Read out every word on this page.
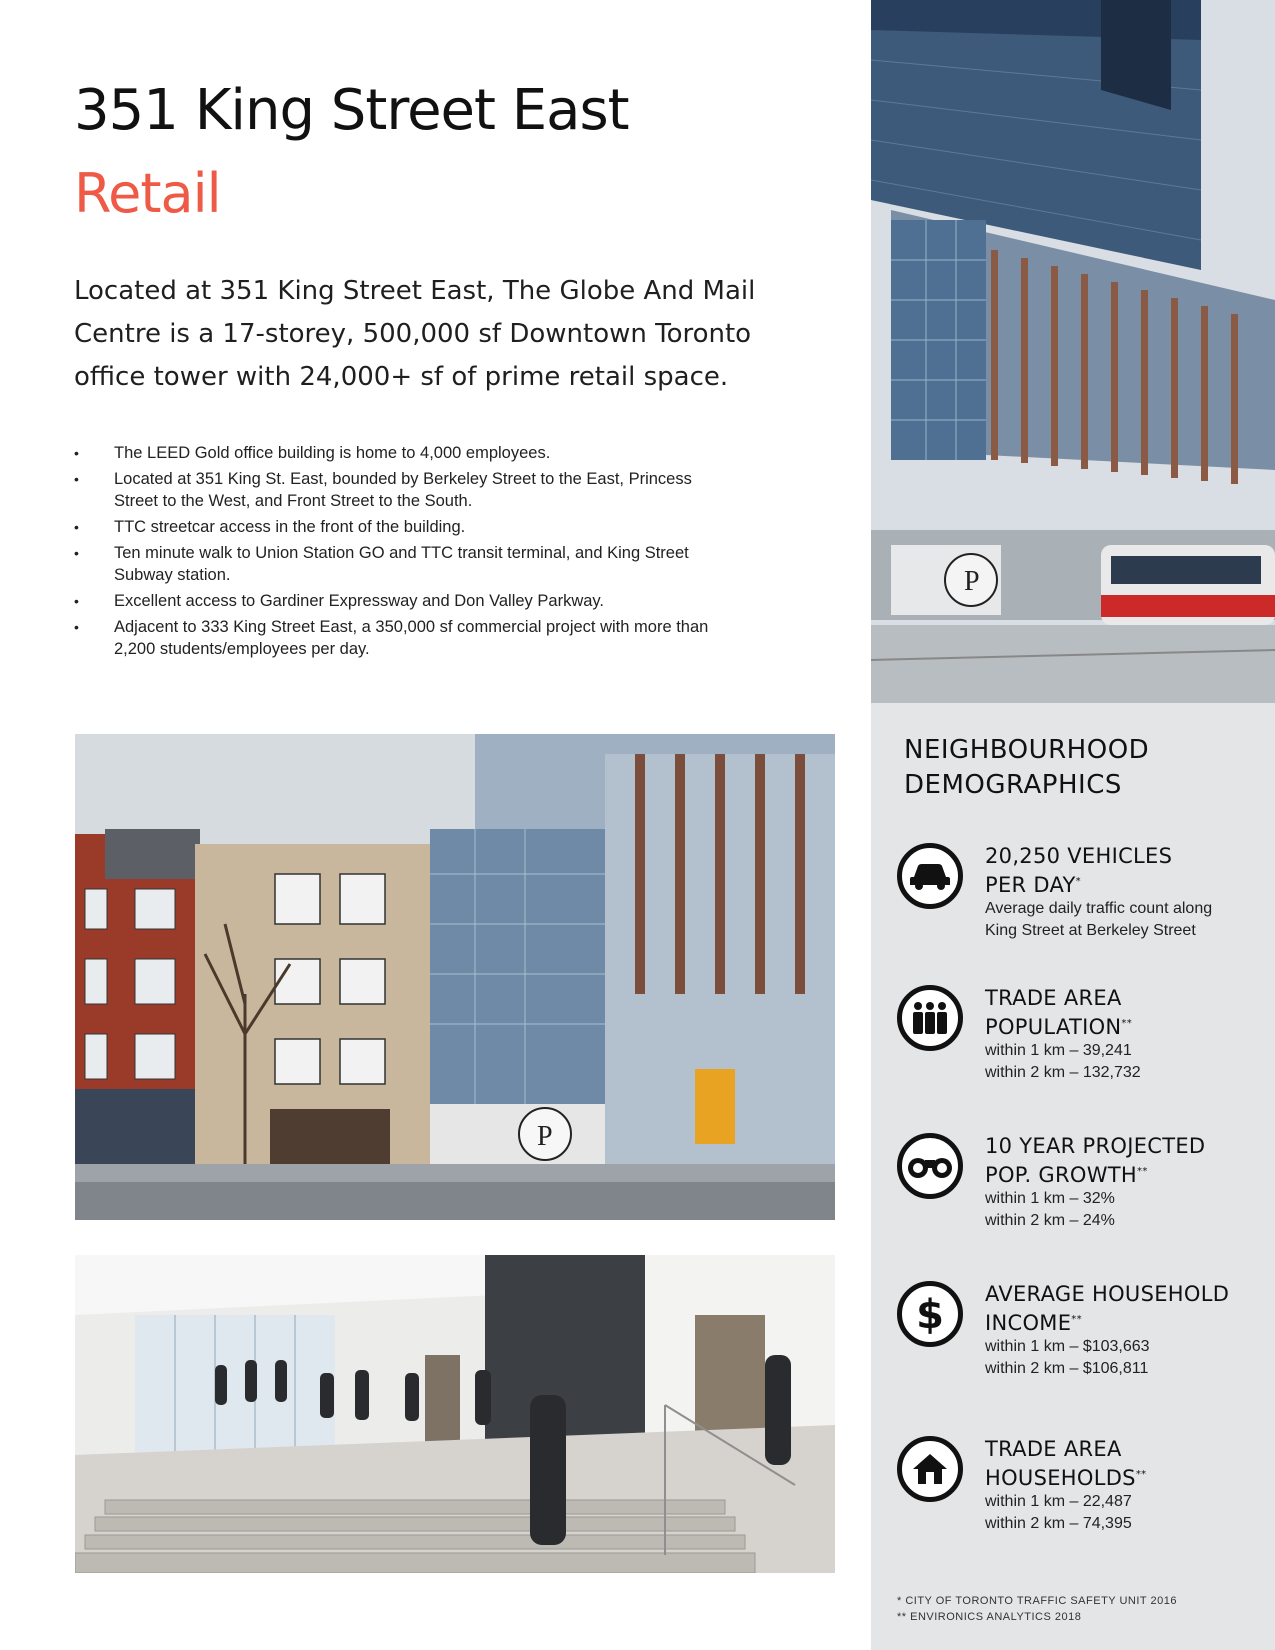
351 King Street East
Retail
Located at 351 King Street East, The Globe And Mail Centre is a 17-storey, 500,000 sf Downtown Toronto office tower with 24,000+ sf of prime retail space.
• The LEED Gold office building is home to 4,000 employees.
• Located at 351 King St. East, bounded by Berkeley Street to the East, Princess Street to the West, and Front Street to the South.
• TTC streetcar access in the front of the building.
• Ten minute walk to Union Station GO and TTC transit terminal, and King Street Subway station.
• Excellent access to Gardiner Expressway and Don Valley Parkway.
• Adjacent to 333 King Street East, a 350,000 sf commercial project with more than 2,200 students/employees per day.
P
NEIGHBOURHOOD
DEMOGRAPHICS
20,250 VEHICLES
PER DAY*
Average daily traffic count along
King Street at Berkeley Street
TRADE AREA
POPULATION**
within 1 km – 39,241
within 2 km – 132,732
10 YEAR PROJECTED
POP. GROWTH**
within 1 km – 32%
within 2 km – 24%
$ AVERAGE HOUSEHOLD
INCOME**
within 1 km – $103,663
within 2 km – $106,811
TRADE AREA
HOUSEHOLDS**
within 1 km – 22,487
within 2 km – 74,395
* CITY OF TORONTO TRAFFIC SAFETY UNIT 2016
** ENVIRONICS ANALYTICS 2018
P
